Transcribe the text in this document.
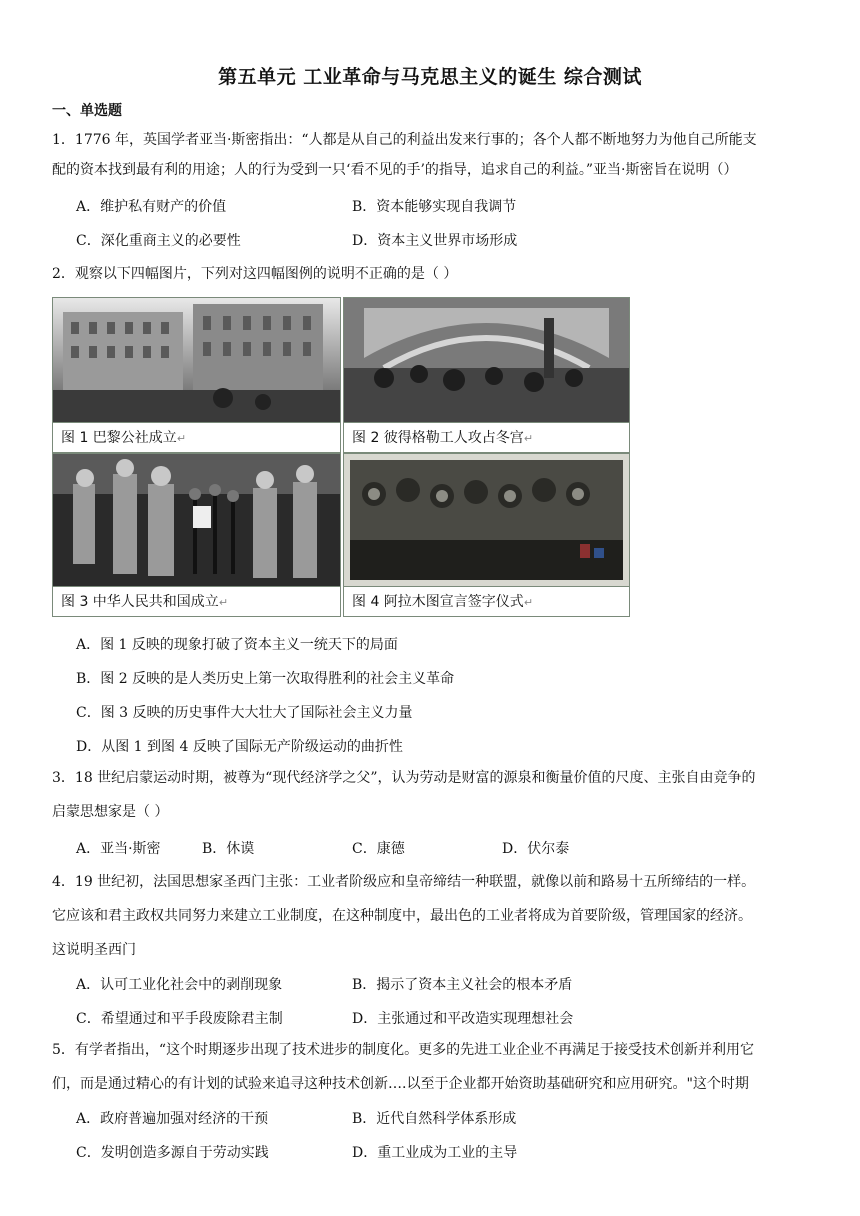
第五单元 工业革命与马克思主义的诞生 综合测试
一、单选题
1．1776 年，英国学者亚当·斯密指出：“人都是从自己的利益出发来行事的；各个人都不断地努力为他自己所能支
配的资本找到最有利的用途；人的行为受到一只‘看不见的手’的指导，追求自己的利益。”亚当·斯密旨在说明（）
A．维护私有财产的价值	B．资本能够实现自我调节
C．深化重商主义的必要性	D．资本主义世界市场形成
2．观察以下四幅图片，下列对这四幅图例的说明不正确的是（ ）
图 1 巴黎公社成立↵	图 2 彼得格勒工人攻占冬宫↵
图 3 中华人民共和国成立↵	图 4 阿拉木图宣言签字仪式↵
A．图 1 反映的现象打破了资本主义一统天下的局面
B．图 2 反映的是人类历史上第一次取得胜利的社会主义革命
C．图 3 反映的历史事件大大壮大了国际社会主义力量
D．从图 1 到图 4 反映了国际无产阶级运动的曲折性
3．18 世纪启蒙运动时期，被尊为“现代经济学之父”，认为劳动是财富的源泉和衡量价值的尺度、主张自由竞争的
启蒙思想家是（ ）
A．亚当·斯密	B．休谟	C．康德	D．伏尔泰
4．19 世纪初，法国思想家圣西门主张：工业者阶级应和皇帝缔结一种联盟，就像以前和路易十五所缔结的一样。
它应该和君主政权共同努力来建立工业制度，在这种制度中，最出色的工业者将成为首要阶级，管理国家的经济。
这说明圣西门
A．认可工业化社会中的剥削现象	B．揭示了资本主义社会的根本矛盾
C．希望通过和平手段废除君主制	D．主张通过和平改造实现理想社会
5．有学者指出，“这个时期逐步出现了技术进步的制度化。更多的先进工业企业不再满足于接受技术创新并利用它
们，而是通过精心的有计划的试验来追寻这种技术创新….以至于企业都开始资助基础研究和应用研究。"这个时期
A．政府普遍加强对经济的干预	B．近代自然科学体系形成
C．发明创造多源自于劳动实践	D．重工业成为工业的主导
